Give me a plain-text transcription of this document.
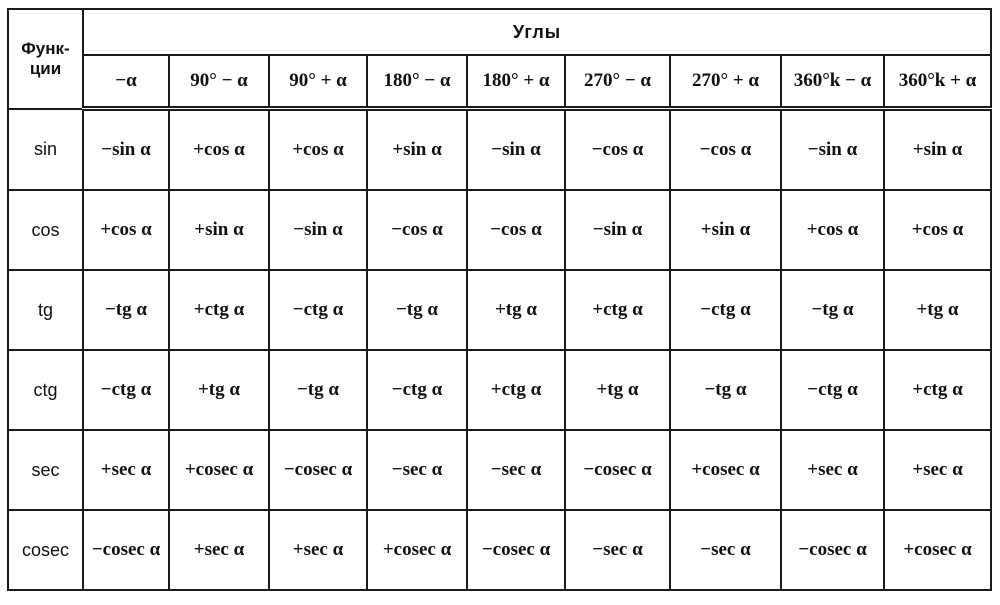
Функ-
ции	Углы								
	−α	90° − α	90° + α	180° − α	180° + α	270° − α	270° + α	360°k − α	360°k + α
sin	−sin α	+cos α	+cos α	+sin α	−sin α	−cos α	−cos α	−sin α	+sin α
cos	+cos α	+sin α	−sin α	−cos α	−cos α	−sin α	+sin α	+cos α	+cos α
tg	−tg α	+ctg α	−ctg α	−tg α	+tg α	+ctg α	−ctg α	−tg α	+tg α
ctg	−ctg α	+tg α	−tg α	−ctg α	+ctg α	+tg α	−tg α	−ctg α	+ctg α
sec	+sec α	+cosec α	−cosec α	−sec α	−sec α	−cosec α	+cosec α	+sec α	+sec α
cosec	−cosec α	+sec α	+sec α	+cosec α	−cosec α	−sec α	−sec α	−cosec α	+cosec α
